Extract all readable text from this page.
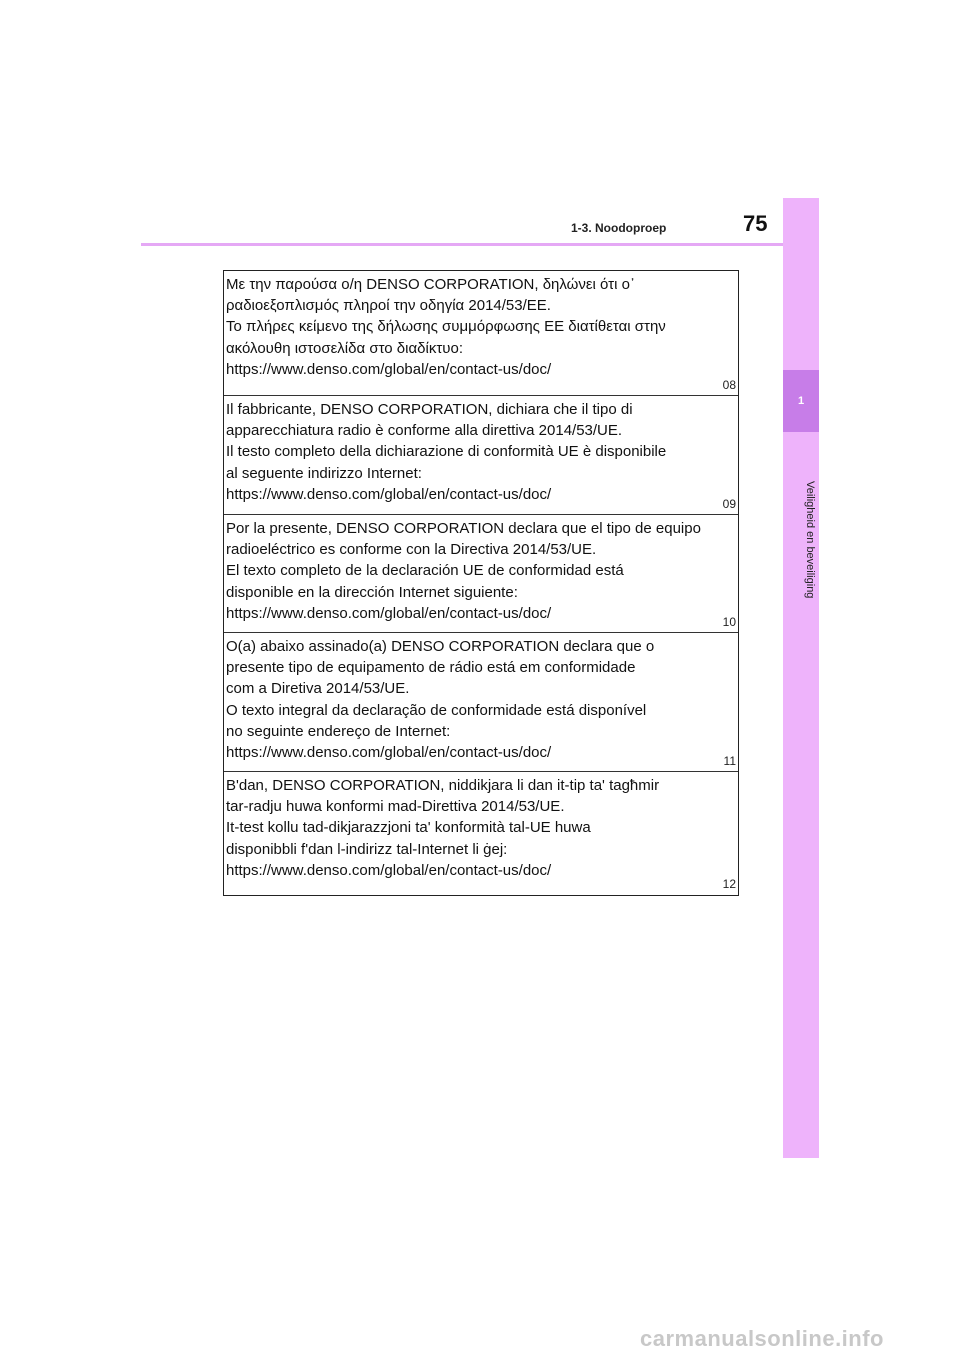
1-3. Noodoproep	75
1
Veiligheid en beveiliging
Με την παρούσα ο/η DENSO CORPORATION, δηλώνει ότι ο᾿
ραδιοεξοπλισμός πληροί την οδηγία 2014/53/ΕΕ.
Το πλήρες κείμενο της δήλωσης συμμόρφωσης ΕΕ διατίθεται στην
ακόλουθη ιστοσελίδα στο διαδίκτυο:
https://www.denso.com/global/en/contact-us/doc/
08
Il fabbricante, DENSO CORPORATION, dichiara che il tipo di
apparecchiatura radio è conforme alla direttiva 2014/53/UE.
Il testo completo della dichiarazione di conformità UE è disponibile
al seguente indirizzo Internet:
https://www.denso.com/global/en/contact-us/doc/
09
Por la presente, DENSO CORPORATION declara que el tipo de equipo
radioeléctrico es conforme con la Directiva 2014/53/UE.
El texto completo de la declaración UE de conformidad está
disponible en la dirección Internet siguiente:
https://www.denso.com/global/en/contact-us/doc/
10
O(a) abaixo assinado(a) DENSO CORPORATION declara que o
presente tipo de equipamento de rádio está em conformidade
com a Diretiva 2014/53/UE.
O texto integral da declaração de conformidade está disponível
no seguinte endereço de Internet:
https://www.denso.com/global/en/contact-us/doc/	11
B'dan, DENSO CORPORATION, niddikjara li dan it-tip ta' tagħmir
tar-radju huwa konformi mad-Direttiva 2014/53/UE.
It-test kollu tad-dikjarazzjoni ta' konformità tal-UE huwa
disponibbli f'dan l-indirizz tal-Internet li ġej:
https://www.denso.com/global/en/contact-us/doc/
12
carmanualsonline.info
